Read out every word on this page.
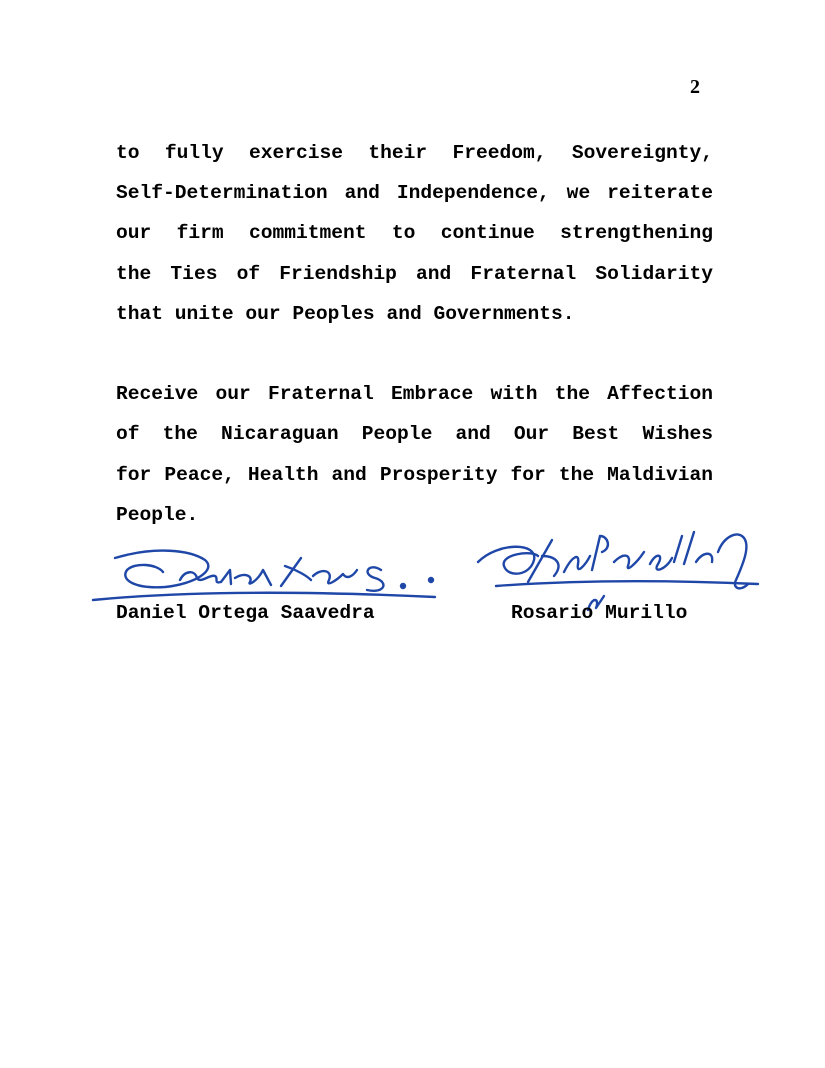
2
to fully exercise their Freedom, Sovereignty,
Self-Determination and Independence, we reiterate
our firm commitment to continue strengthening
the Ties of Friendship and Fraternal Solidarity
that unite our Peoples and Governments.
Receive our Fraternal Embrace with the Affection
of the Nicaraguan People and Our Best Wishes
for Peace, Health and Prosperity for the Maldivian
People.
Daniel Ortega Saavedra	Rosario Murillo
